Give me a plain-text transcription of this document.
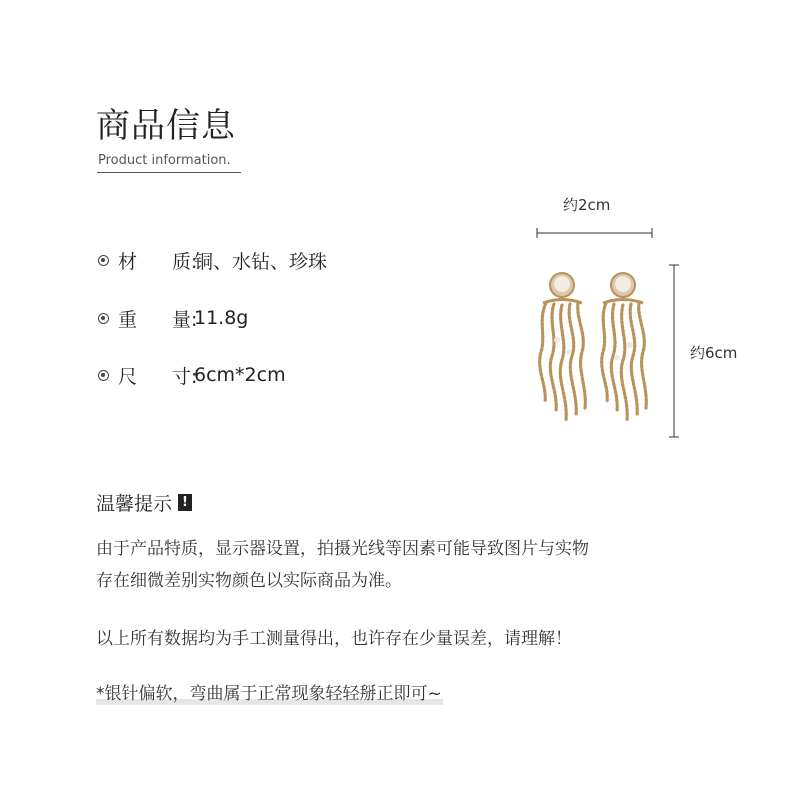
商品信息
Product information.
材 质:
铜、水钻、珍珠
重 量:
11.8g
尺 寸:
6cm*2cm
约2cm
约6cm
温馨提示 !
由于产品特质，显示器设置，拍摄光线等因素可能导致图片与实物
存在细微差别实物颜色以实际商品为准。
以上所有数据均为手工测量得出，也许存在少量误差，请理解！
*银针偏软，弯曲属于正常现象轻轻掰正即可~
